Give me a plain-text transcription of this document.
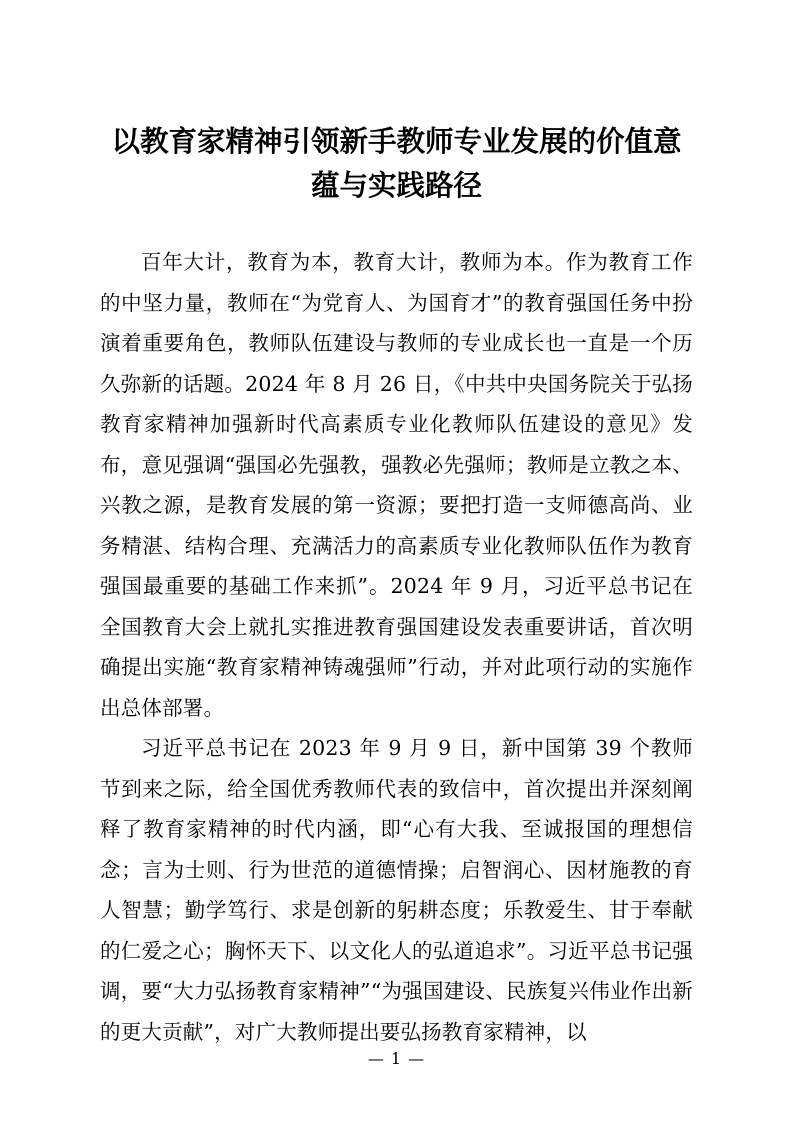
以教育家精神引领新手教师专业发展的价值意蕴与实践路径

百年大计，教育为本，教育大计，教师为本。作为教育工作的中坚力量，教师在“为党育人、为国育才”的教育强国任务中扮演着重要角色，教师队伍建设与教师的专业成长也一直是一个历久弥新的话题。2024 年 8 月 26 日，《中共中央国务院关于弘扬教育家精神加强新时代高素质专业化教师队伍建设的意见》发布，意见强调“强国必先强教，强教必先强师；教师是立教之本、兴教之源，是教育发展的第一资源；要把打造一支师德高尚、业务精湛、结构合理、充满活力的高素质专业化教师队伍作为教育强国最重要的基础工作来抓”。2024 年 9 月，习近平总书记在全国教育大会上就扎实推进教育强国建设发表重要讲话，首次明确提出实施“教育家精神铸魂强师”行动，并对此项行动的实施作出总体部署。

习近平总书记在 2023 年 9 月 9 日，新中国第 39 个教师节到来之际，给全国优秀教师代表的致信中，首次提出并深刻阐释了教育家精神的时代内涵，即“心有大我、至诚报国的理想信念；言为士则、行为世范的道德情操；启智润心、因材施教的育人智慧；勤学笃行、求是创新的躬耕态度；乐教爱生、甘于奉献的仁爱之心；胸怀天下、以文化人的弘道追求”。习近平总书记强调，要“大力弘扬教育家精神”“为强国建设、民族复兴伟业作出新的更大贡献”，对广大教师提出要弘扬教育家精神，以

— 1 —
